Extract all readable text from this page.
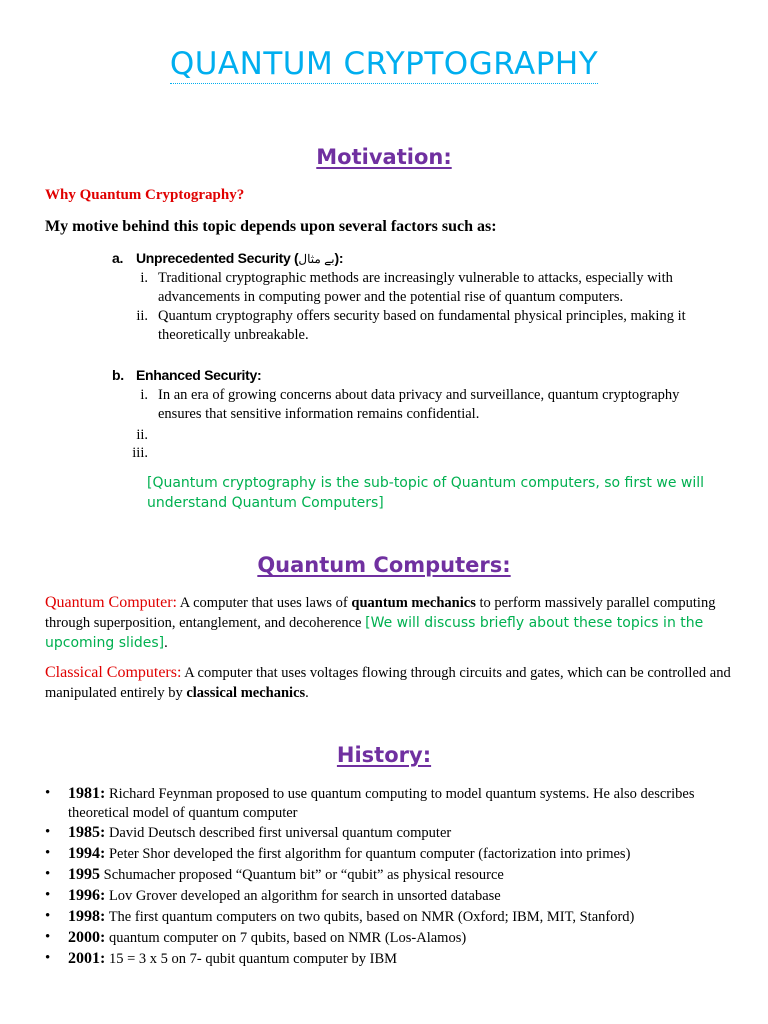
QUANTUM CRYPTOGRAPHY
Motivation:
Why Quantum Cryptography?
My motive behind this topic depends upon several factors such as:
a. Unprecedented Security (بے مثال):
i. Traditional cryptographic methods are increasingly vulnerable to attacks, especially with advancements in computing power and the potential rise of quantum computers.
ii. Quantum cryptography offers security based on fundamental physical principles, making it theoretically unbreakable.
b. Enhanced Security:
i. In an era of growing concerns about data privacy and surveillance, quantum cryptography ensures that sensitive information remains confidential.
ii.
iii.
[Quantum cryptography is the sub-topic of Quantum computers, so first we will understand Quantum Computers]
Quantum Computers:
Quantum Computer: A computer that uses laws of quantum mechanics to perform massively parallel computing through superposition, entanglement, and decoherence [We will discuss briefly about these topics in the upcoming slides].
Classical Computers: A computer that uses voltages flowing through circuits and gates, which can be controlled and manipulated entirely by classical mechanics.
History:
• 1981: Richard Feynman proposed to use quantum computing to model quantum systems. He also describes theoretical model of quantum computer
• 1985: David Deutsch described first universal quantum computer
• 1994: Peter Shor developed the first algorithm for quantum computer (factorization into primes)
• 1995 Schumacher proposed “Quantum bit” or “qubit” as physical resource
• 1996: Lov Grover developed an algorithm for search in unsorted database
• 1998: The first quantum computers on two qubits, based on NMR (Oxford; IBM, MIT, Stanford)
• 2000: quantum computer on 7 qubits, based on NMR (Los-Alamos)
• 2001: 15 = 3 x 5 on 7- qubit quantum computer by IBM
